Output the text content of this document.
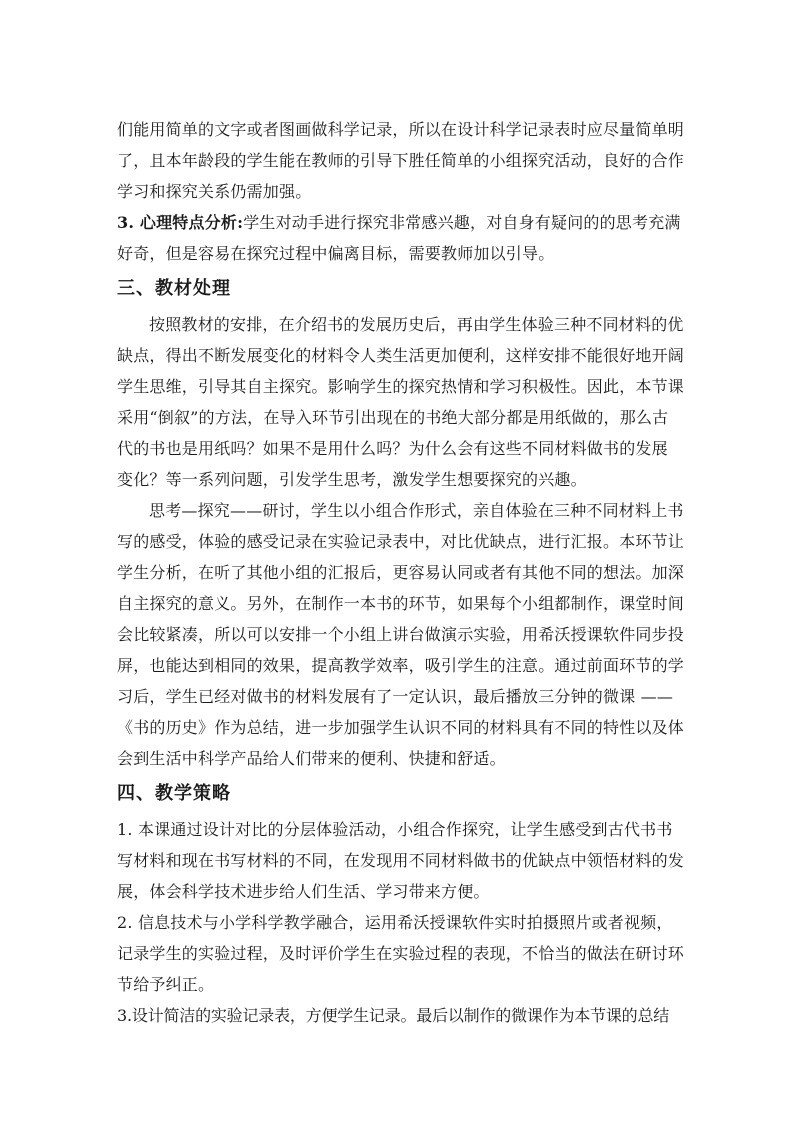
们能用简单的文字或者图画做科学记录，所以在设计科学记录表时应尽量简单明
了，且本年龄段的学生能在教师的引导下胜任简单的小组探究活动，良好的合作
学习和探究关系仍需加强。
3. 心理特点分析:学生对动手进行探究非常感兴趣，对自身有疑问的的思考充满
好奇，但是容易在探究过程中偏离目标，需要教师加以引导。
三、教材处理
按照教材的安排，在介绍书的发展历史后，再由学生体验三种不同材料的优
缺点，得出不断发展变化的材料令人类生活更加便利，这样安排不能很好地开阔
学生思维，引导其自主探究。影响学生的探究热情和学习积极性。因此，本节课
采用“倒叙”的方法，在导入环节引出现在的书绝大部分都是用纸做的，那么古
代的书也是用纸吗？如果不是用什么吗？为什么会有这些不同材料做书的发展
变化？等一系列问题，引发学生思考，激发学生想要探究的兴趣。
思考—探究——研讨，学生以小组合作形式，亲自体验在三种不同材料上书
写的感受，体验的感受记录在实验记录表中，对比优缺点，进行汇报。本环节让
学生分析，在听了其他小组的汇报后，更容易认同或者有其他不同的想法。加深
自主探究的意义。另外，在制作一本书的环节，如果每个小组都制作，课堂时间
会比较紧凑，所以可以安排一个小组上讲台做演示实验，用希沃授课软件同步投
屏，也能达到相同的效果，提高教学效率，吸引学生的注意。通过前面环节的学
习后，学生已经对做书的材料发展有了一定认识，最后播放三分钟的微课 ——
《书的历史》作为总结，进一步加强学生认识不同的材料具有不同的特性以及体
会到生活中科学产品给人们带来的便利、快捷和舒适。
四、教学策略
1. 本课通过设计对比的分层体验活动，小组合作探究，让学生感受到古代书书
写材料和现在书写材料的不同，在发现用不同材料做书的优缺点中领悟材料的发
展，体会科学技术进步给人们生活、学习带来方便。
2. 信息技术与小学科学教学融合，运用希沃授课软件实时拍摄照片或者视频，
记录学生的实验过程，及时评价学生在实验过程的表现，不恰当的做法在研讨环
节给予纠正。
3.设计简洁的实验记录表，方便学生记录。最后以制作的微课作为本节课的总结
